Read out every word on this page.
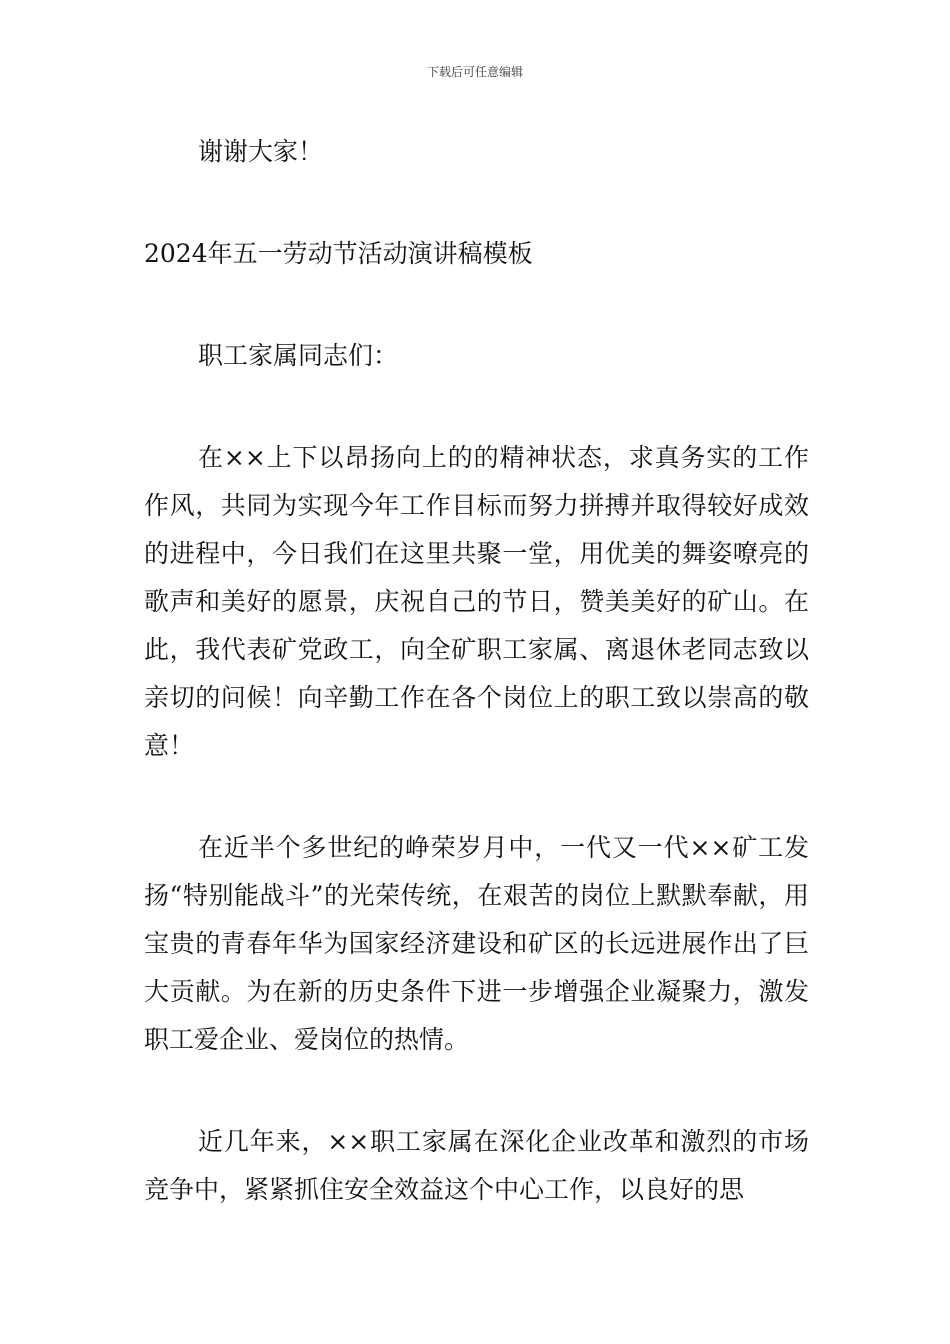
下载后可任意编辑

谢谢大家！

2024年五一劳动节活动演讲稿模板

职工家属同志们：

在××上下以昂扬向上的的精神状态，求真务实的工作作风，共同为实现今年工作目标而努力拼搏并取得较好成效的进程中，今日我们在这里共聚一堂，用优美的舞姿嘹亮的歌声和美好的愿景，庆祝自己的节日，赞美美好的矿山。在此，我代表矿党政工，向全矿职工家属、离退休老同志致以亲切的问候！向辛勤工作在各个岗位上的职工致以崇高的敬意！

在近半个多世纪的峥荣岁月中，一代又一代××矿工发扬“特别能战斗”的光荣传统，在艰苦的岗位上默默奉献，用宝贵的青春年华为国家经济建设和矿区的长远进展作出了巨大贡献。为在新的历史条件下进一步增强企业凝聚力，激发职工爱企业、爱岗位的热情。

近几年来，××职工家属在深化企业改革和激烈的市场竞争中，紧紧抓住安全效益这个中心工作，以良好的思
